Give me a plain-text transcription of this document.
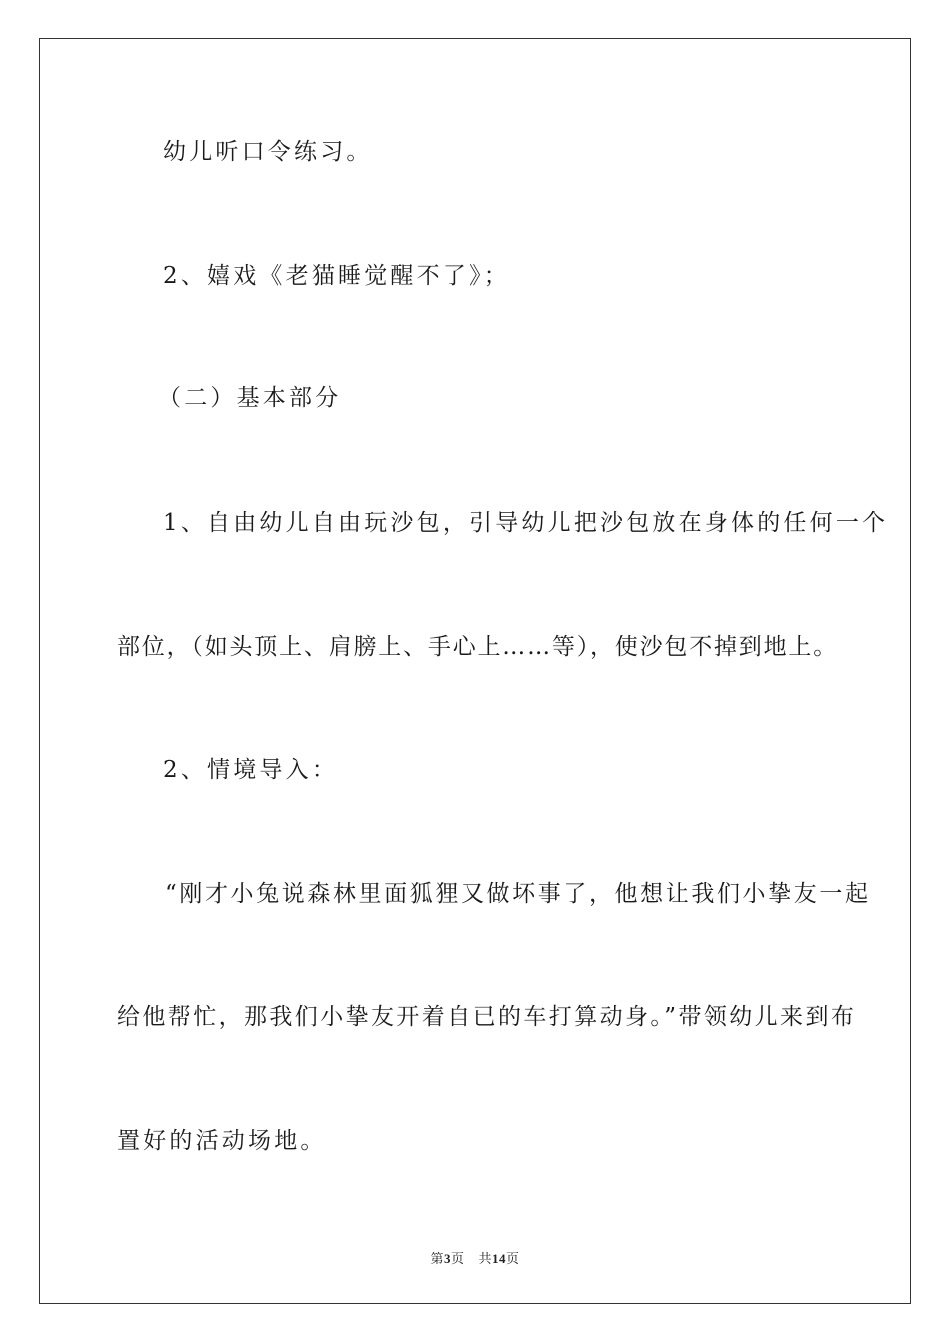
幼儿听口令练习。
2、嬉戏《老猫睡觉醒不了》；
（二）基本部分
1、自由幼儿自由玩沙包，引导幼儿把沙包放在身体的任何一个
部位，（如头顶上、肩膀上、手心上……等），使沙包不掉到地上。
2、情境导入：
“刚才小兔说森林里面狐狸又做坏事了，他想让我们小挚友一起
给他帮忙，那我们小挚友开着自已的车打算动身。”带领幼儿来到布
置好的活动场地。
第3页 共14页
